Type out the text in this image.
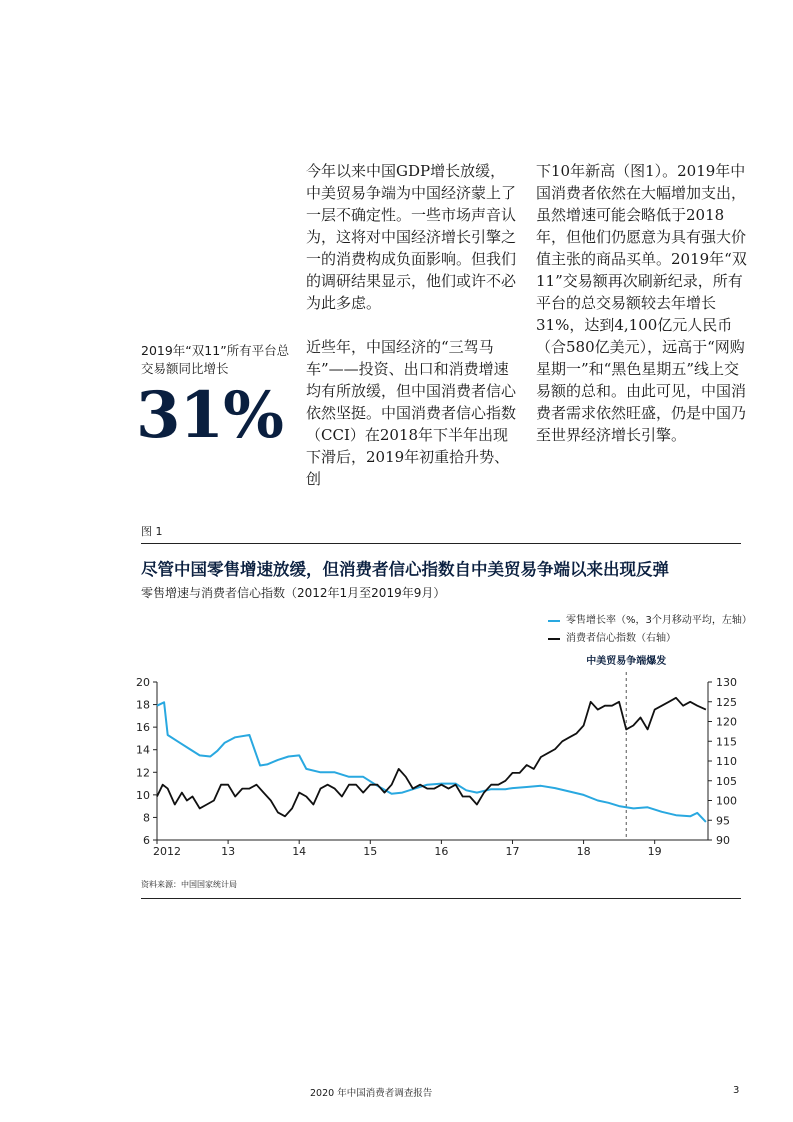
2019年“双11”所有平台总交易额同比增长
31%

今年以来中国GDP增长放缓，中美贸易争端为中国经济蒙上了一层不确定性。一些市场声音认为，这将对中国经济增长引擎之一的消费构成负面影响。但我们的调研结果显示，他们或许不必为此多虑。

近些年，中国经济的“三驾马车”——投资、出口和消费增速均有所放缓，但中国消费者信心依然坚挺。中国消费者信心指数（CCI）在2018年下半年出现下滑后，2019年初重拾升势、创

下10年新高（图1）。2019年中国消费者依然在大幅增加支出，虽然增速可能会略低于2018年，但他们仍愿意为具有强大价值主张的商品买单。2019年“双11”交易额再次刷新纪录，所有平台的总交易额较去年增长31%，达到4,100亿元人民币（合580亿美元），远高于“网购星期一”和“黑色星期五”线上交易额的总和。由此可见，中国消费者需求依然旺盛，仍是中国乃至世界经济增长引擎。

图 1
尽管中国零售增速放缓，但消费者信心指数自中美贸易争端以来出现反弹
零售增速与消费者信心指数（2012年1月至2019年9月）
零售增长率（%，3个月移动平均，左轴）
消费者信心指数（右轴）
6
8
10
12
14
16
18
20
90
95
100
105
110
115
120
125
130
2012	13	14	15	16	17	18	19
中美贸易争端爆发
资料来源：中国国家统计局
2020 年中国消费者调查报告	3
